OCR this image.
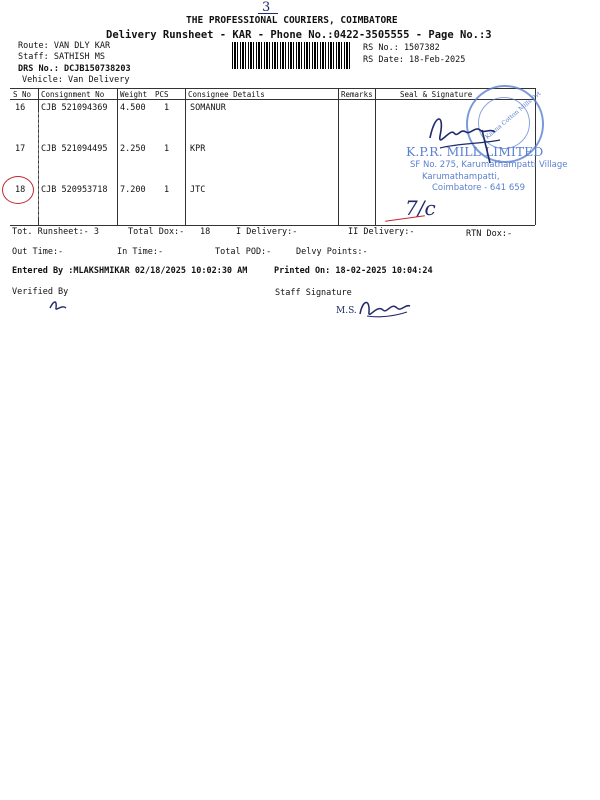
3
THE PROFESSIONAL COURIERS, COIMBATORE
Delivery Runsheet - KAR - Phone No.:0422-3505555 - Page No.:3
Route: VAN DLY KAR
Staff: SATHISH MS
DRS No.: DCJB150738203
Vehicle: Van Delivery
RS No.: 1507382
RS Date: 18-Feb-2025
S No Consignment No Weight PCS	Consignee Details	Remarks	Seal & Signature
16 CJB 521094369 4.500 1 SOMANUR
17 CJB 521094495 2.250 1 KPR
18 CJB 520953718 7.200 1 JTC
Kanna Cotton Mills Pvt
K.P.R. MILL LIMITED
SF No. 275, Karumathampatti Village
Karumathampatti,
Coimbatore - 641 659
7/c
Tot. Runsheet:- 3	Total Dox:- 18	I Delivery:-	II Delivery:-	RTN Dox:-
Out Time:-	In Time:-	Total POD:-	Delvy Points:-
Entered By :MLAKSHMIKAR 02/18/2025 10:02:30 AM	Printed On: 18-02-2025 10:04:24
Verified By	Staff Signature
M.S.
